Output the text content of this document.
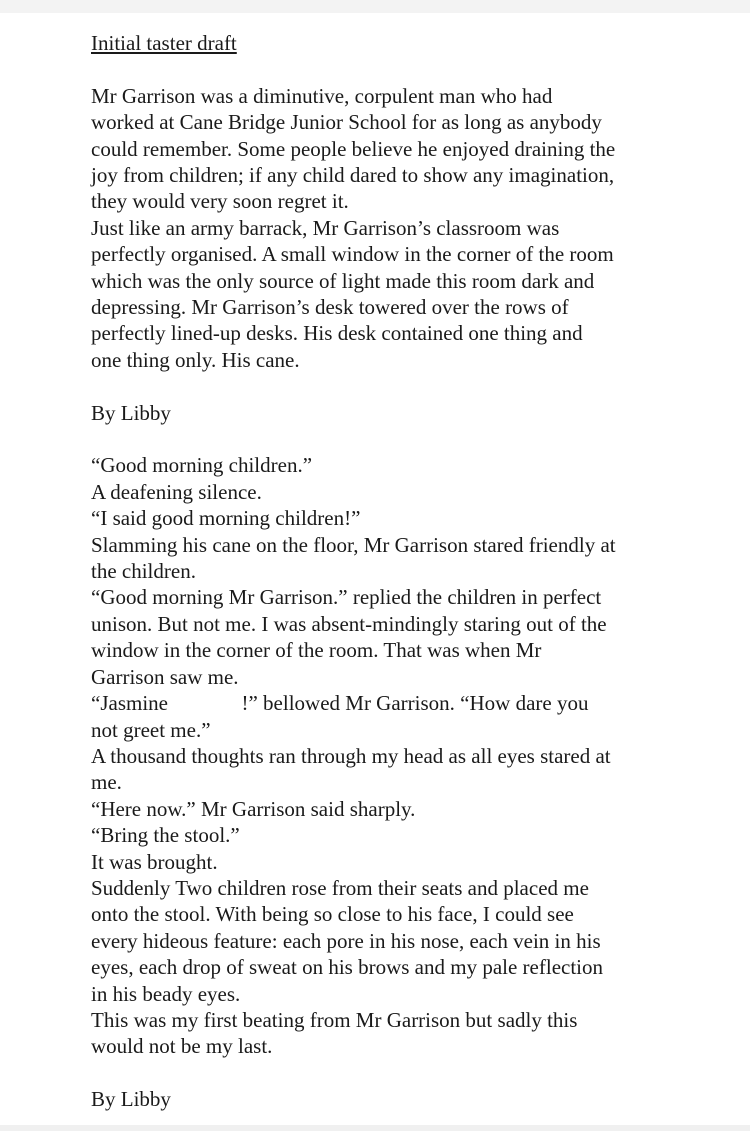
Initial taster draft

Mr Garrison was a diminutive, corpulent man who had
worked at Cane Bridge Junior School for as long as anybody
could remember. Some people believe he enjoyed draining the
joy from children; if any child dared to show any imagination,
they would very soon regret it.

Just like an army barrack, Mr Garrison’s classroom was
perfectly organised. A small window in the corner of the room
which was the only source of light made this room dark and
depressing. Mr Garrison’s desk towered over the rows of
perfectly lined-up desks. His desk contained one thing and
one thing only. His cane.

By Libby

“Good morning children.”

A deafening silence.

“I said good morning children!”

Slamming his cane on the floor, Mr Garrison stared friendly at
the children.

“Good morning Mr Garrison.” replied the children in perfect
unison. But not me. I was absent-mindingly staring out of the
window in the corner of the room. That was when Mr
Garrison saw me.

“Jasmine              !” bellowed Mr Garrison. “How dare you
not greet me.”

A thousand thoughts ran through my head as all eyes stared at
me.

“Here now.” Mr Garrison said sharply.

“Bring the stool.”

It was brought.

Suddenly Two children rose from their seats and placed me
onto the stool. With being so close to his face, I could see
every hideous feature: each pore in his nose, each vein in his
eyes, each drop of sweat on his brows and my pale reflection
in his beady eyes.

This was my first beating from Mr Garrison but sadly this
would not be my last.

By Libby
